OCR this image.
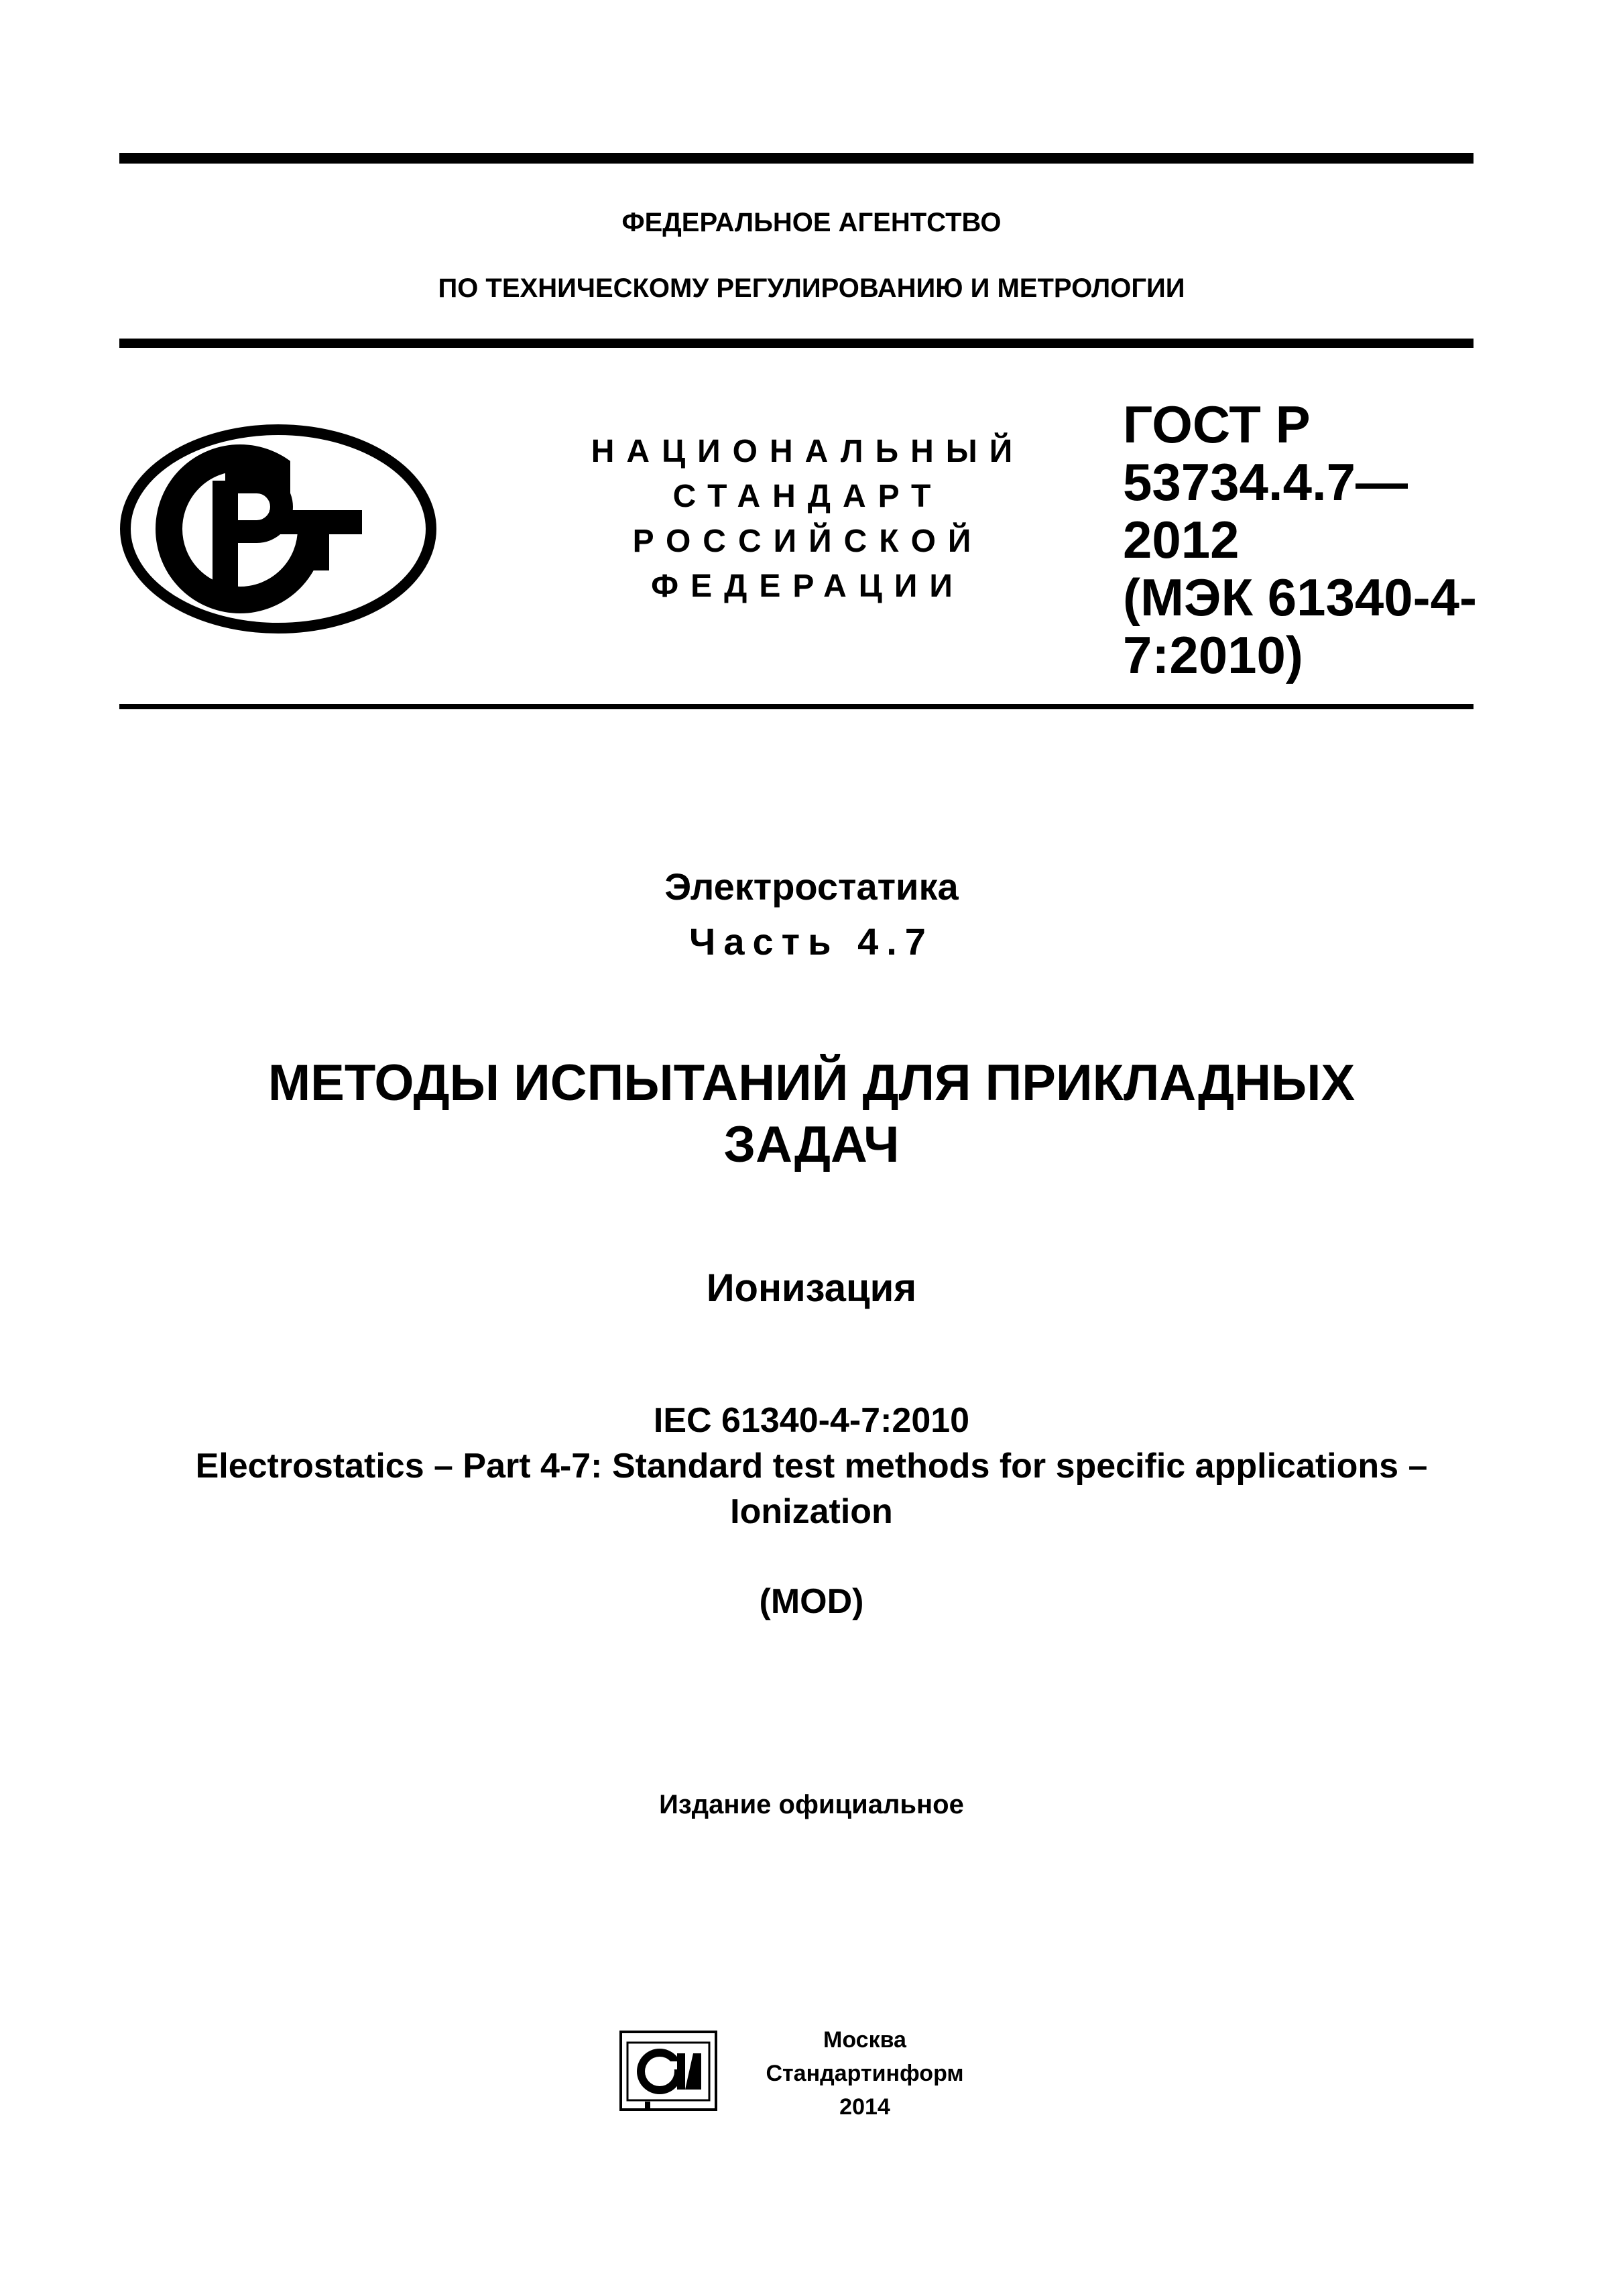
ФЕДЕРАЛЬНОЕ АГЕНТСТВО
ПО ТЕХНИЧЕСКОМУ РЕГУЛИРОВАНИЮ И МЕТРОЛОГИИ
НАЦИОНАЛЬНЫЙ
СТАНДАРТ
РОССИЙСКОЙ
ФЕДЕРАЦИИ
ГОСТ Р
53734.4.7—
2012
(МЭК 61340-4-
7:2010)
Электростатика
Часть 4.7
МЕТОДЫ ИСПЫТАНИЙ ДЛЯ ПРИКЛАДНЫХ
ЗАДАЧ
Ионизация
IEC 61340-4-7:2010
Electrostatics – Part 4-7: Standard test methods for specific applications –
Ionization
(MOD)
Издание официальное
Москва
Стандартинформ
2014
